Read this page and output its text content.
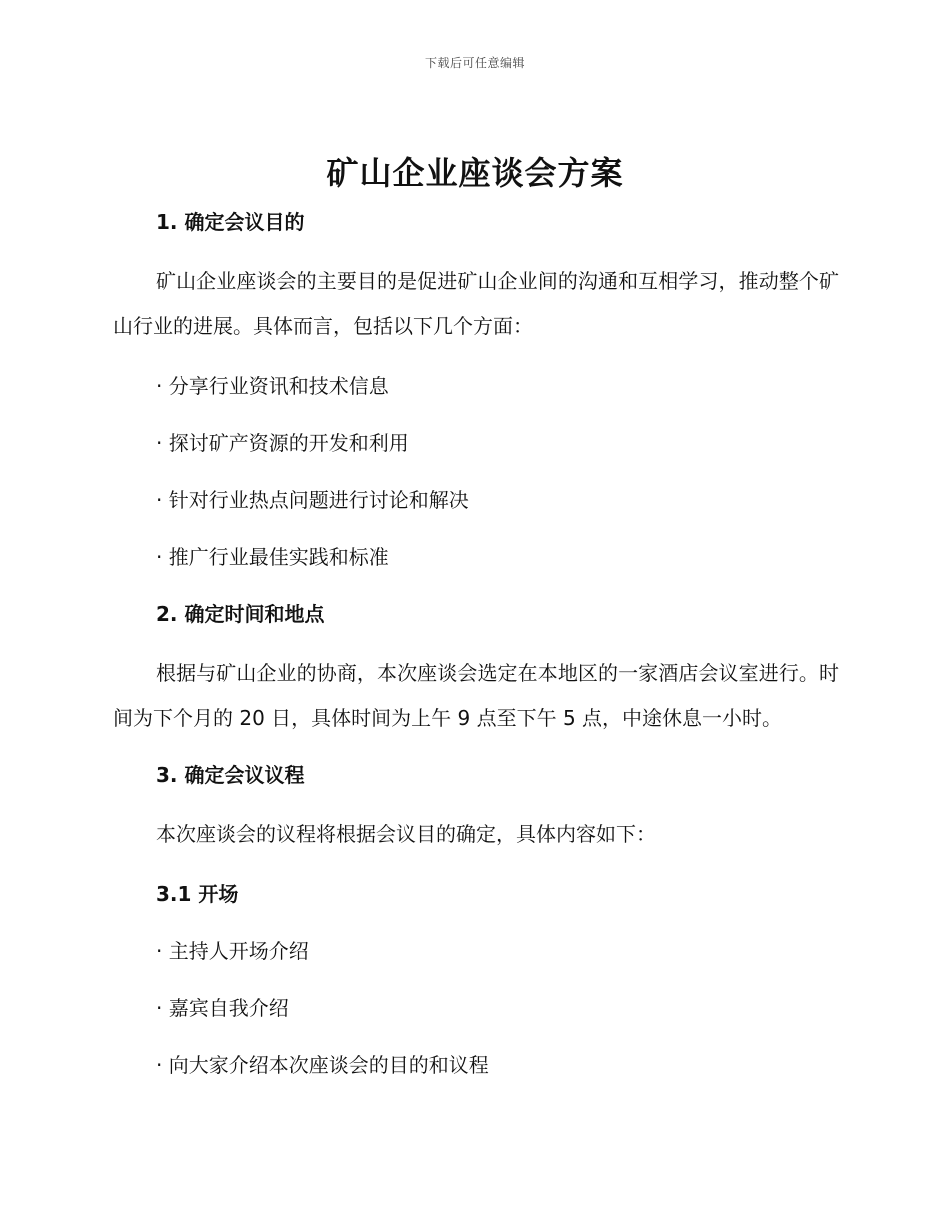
下载后可任意编辑
矿山企业座谈会方案
1. 确定会议目的

矿山企业座谈会的主要目的是促进矿山企业间的沟通和互相学习，推动整个矿山行业的进展。具体而言，包括以下几个方面：

· 分享行业资讯和技术信息
· 探讨矿产资源的开发和利用
· 针对行业热点问题进行讨论和解决
· 推广行业最佳实践和标准
2. 确定时间和地点

根据与矿山企业的协商，本次座谈会选定在本地区的一家酒店会议室进行。时间为下个月的 20 日，具体时间为上午 9 点至下午 5 点，中途休息一小时。

3. 确定会议议程

本次座谈会的议程将根据会议目的确定，具体内容如下：

3.1 开场
· 主持人开场介绍
· 嘉宾自我介绍
· 向大家介绍本次座谈会的目的和议程
